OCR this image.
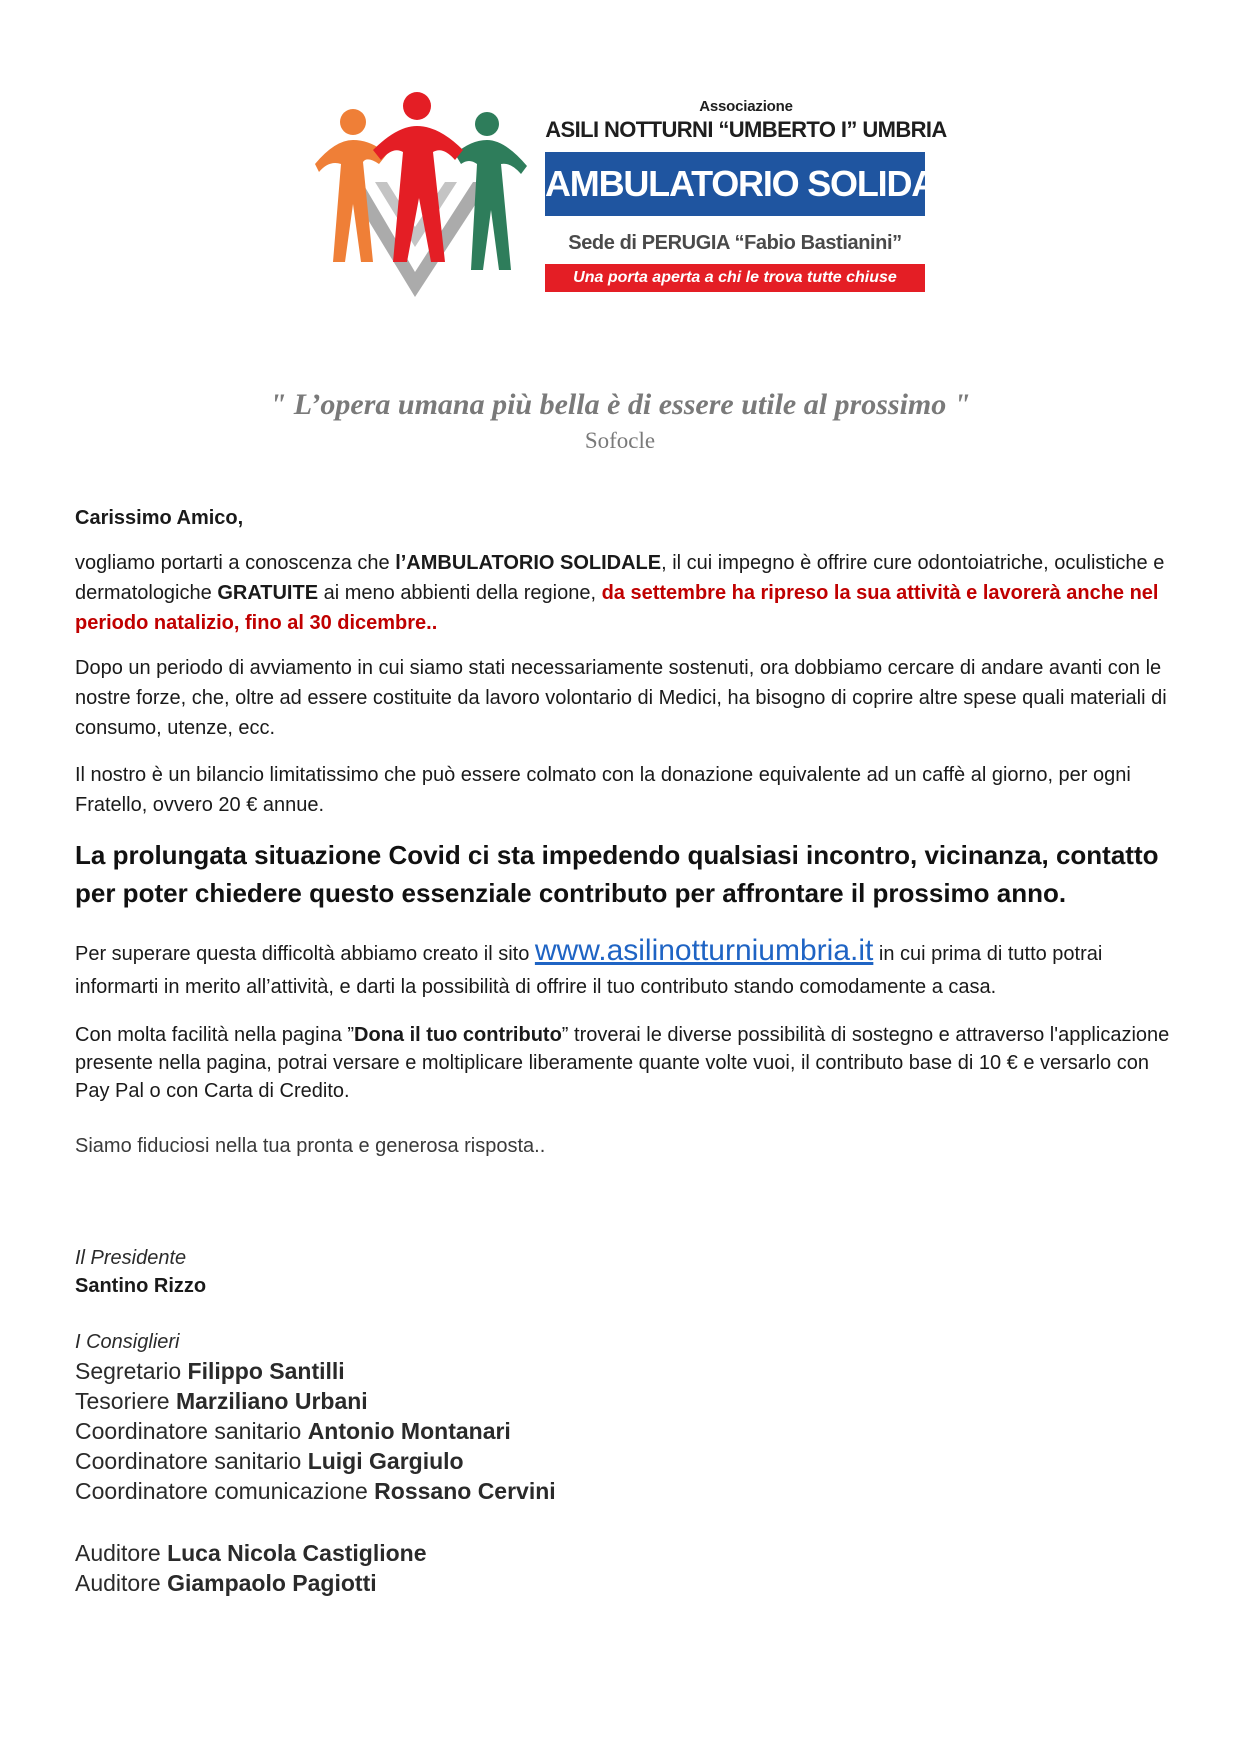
Associazione
ASILI NOTTURNI “UMBERTO I” UMBRIA
AMBULATORIO SOLIDALE
Sede di PERUGIA “Fabio Bastianini”
Una porta aperta a chi le trova tutte chiuse
" L’opera umana più bella è di essere utile al prossimo "
Sofocle
Carissimo Amico,
vogliamo portarti a conoscenza che l’AMBULATORIO SOLIDALE, il cui impegno è offrire cure odontoiatriche, oculistiche e dermatologiche GRATUITE ai meno abbienti della regione, da settembre ha ripreso la sua attività e lavorerà anche nel periodo natalizio, fino al 30 dicembre..
Dopo un periodo di avviamento in cui siamo stati necessariamente sostenuti, ora dobbiamo cercare di andare avanti con le nostre forze, che, oltre ad essere costituite da lavoro volontario di Medici, ha bisogno di coprire altre spese quali materiali di consumo, utenze, ecc.
Il nostro è un bilancio limitatissimo che può essere colmato con la donazione equivalente ad un caffè al giorno, per ogni Fratello, ovvero 20 € annue.
La prolungata situazione Covid ci sta impedendo qualsiasi incontro, vicinanza, contatto per poter chiedere questo essenziale contributo per affrontare il prossimo anno.
Per superare questa difficoltà abbiamo creato il sito www.asilinotturniumbria.it in cui prima di tutto potrai informarti in merito all’attività, e darti la possibilità di offrire il tuo contributo stando comodamente a casa.
Con molta facilità nella pagina ”Dona il tuo contributo” troverai le diverse possibilità di sostegno e attraverso l'applicazione presente nella pagina, potrai versare e moltiplicare liberamente quante volte vuoi, il contributo base di 10 € e versarlo con Pay Pal o con Carta di Credito.
Siamo fiduciosi nella tua pronta e generosa risposta..
Il Presidente
Santino Rizzo
I Consiglieri
Segretario Filippo Santilli
Tesoriere Marziliano Urbani
Coordinatore sanitario Antonio Montanari
Coordinatore sanitario Luigi Gargiulo
Coordinatore comunicazione Rossano Cervini
Auditore Luca Nicola Castiglione
Auditore Giampaolo Pagiotti
